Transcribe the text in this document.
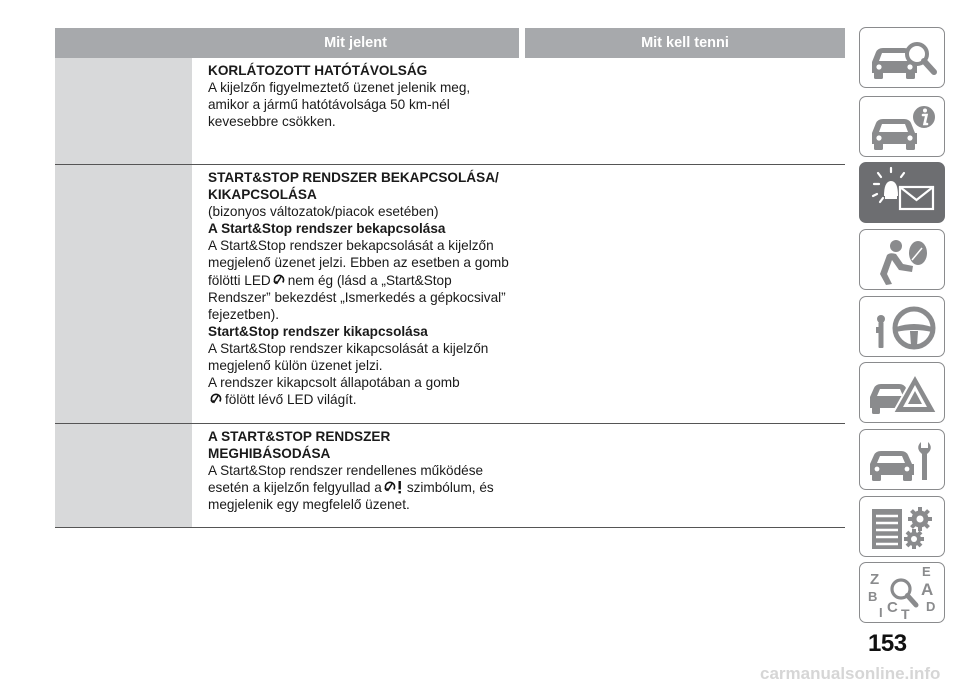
Mit jelent	Mit kell tenni
KORLÁTOZOTT HATÓTÁVOLSÁG
A kijelzőn figyelmeztető üzenet jelenik meg,
amikor a jármű hatótávolsága 50 km-nél
kevesebbre csökken.
START&STOP RENDSZER BEKAPCSOLÁSA/
KIKAPCSOLÁSA
(bizonyos változatok/piacok esetében)
A Start&Stop rendszer bekapcsolása
A Start&Stop rendszer bekapcsolását a kijelzőn
megjelenő üzenet jelzi. Ebben az esetben a gomb
fölötti LED nem ég (lásd a „Start&Stop
Rendszer” bekezdést „Ismerkedés a gépkocsival”
fejezetben).
Start&Stop rendszer kikapcsolása
A Start&Stop rendszer kikapcsolását a kijelzőn
megjelenő külön üzenet jelzi.
A rendszer kikapcsolt állapotában a gomb
fölött lévő LED világít.
A START&STOP RENDSZER
MEGHIBÁSODÁSA
A Start&Stop rendszer rendellenes működése
esetén a kijelzőn felgyullad a szimbólum, és
megjelenik egy megfelelő üzenet.
Z	E
B	A
C D
I T
153
carmanualsonline.info
